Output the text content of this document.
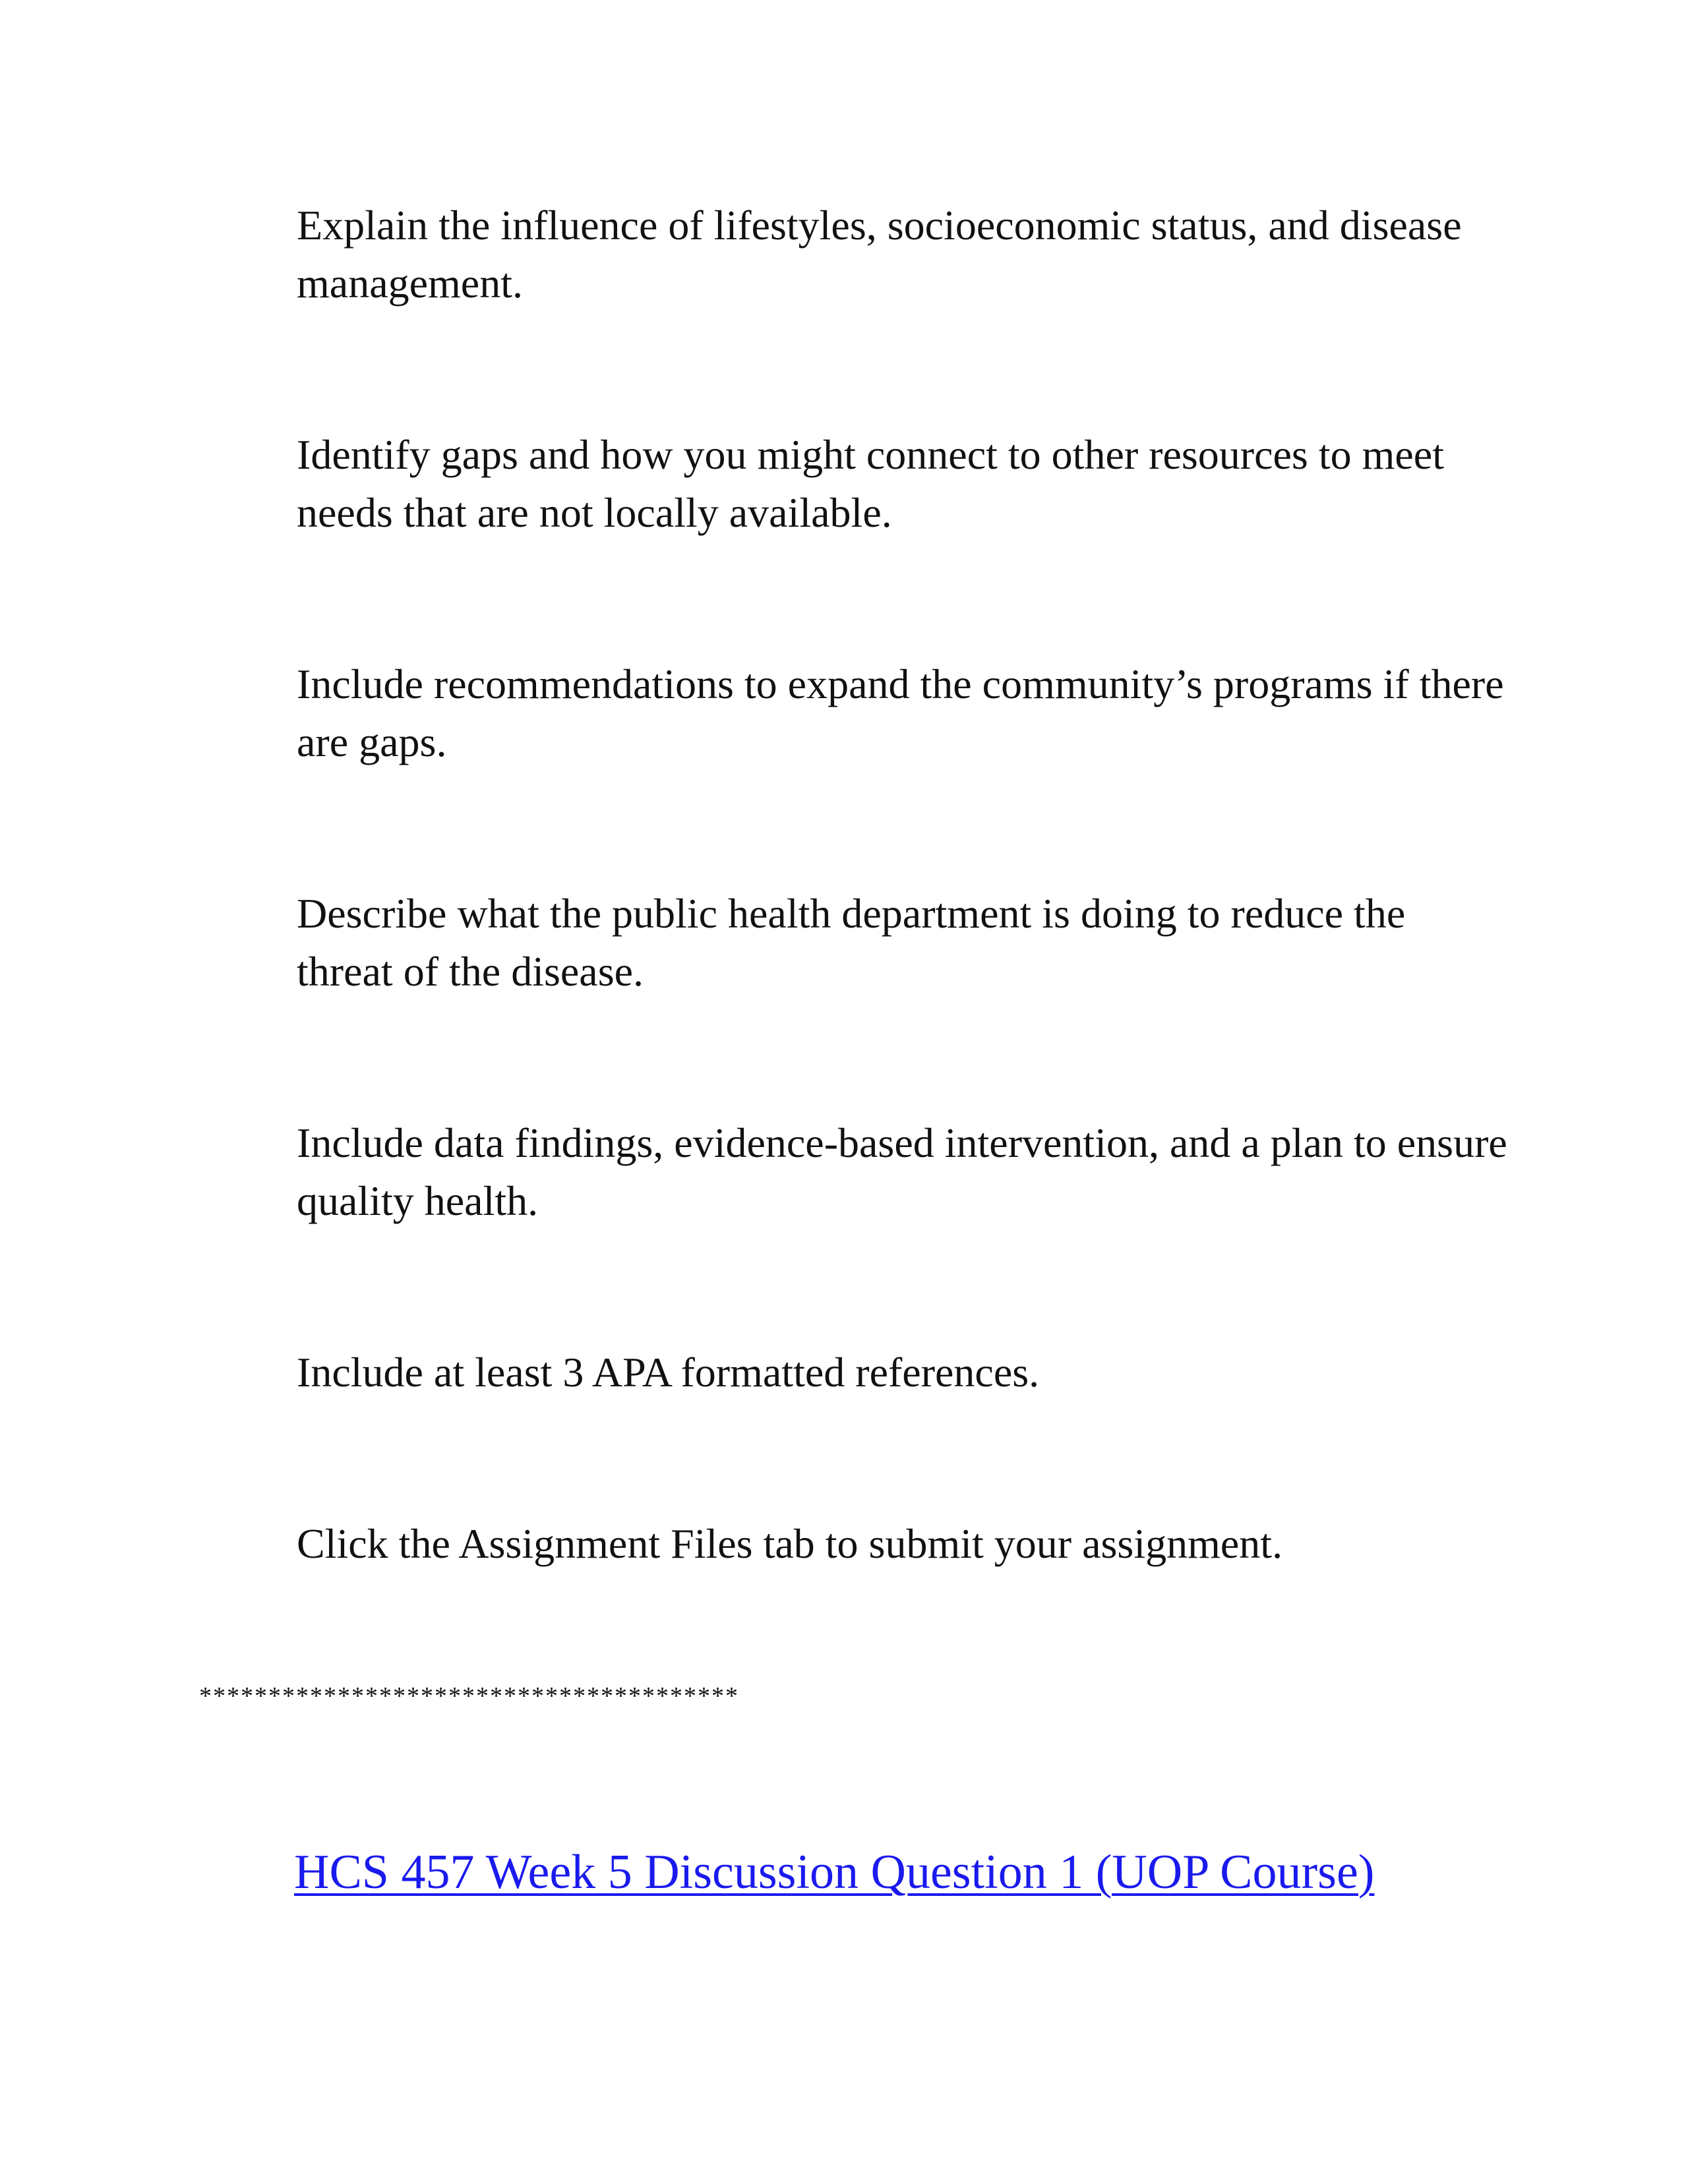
Explain the influence of lifestyles, socioeconomic status, and disease management.

Identify gaps and how you might connect to other resources to meet needs that are not locally available.

Include recommendations to expand the community’s programs if there are gaps.

Describe what the public health department is doing to reduce the threat of the disease.

Include data findings, evidence-based intervention, and a plan to ensure quality health.

Include at least 3 APA formatted references.

Click the Assignment Files tab to submit your assignment.

***************************************
HCS 457 Week 5 Discussion Question 1 (UOP Course)
